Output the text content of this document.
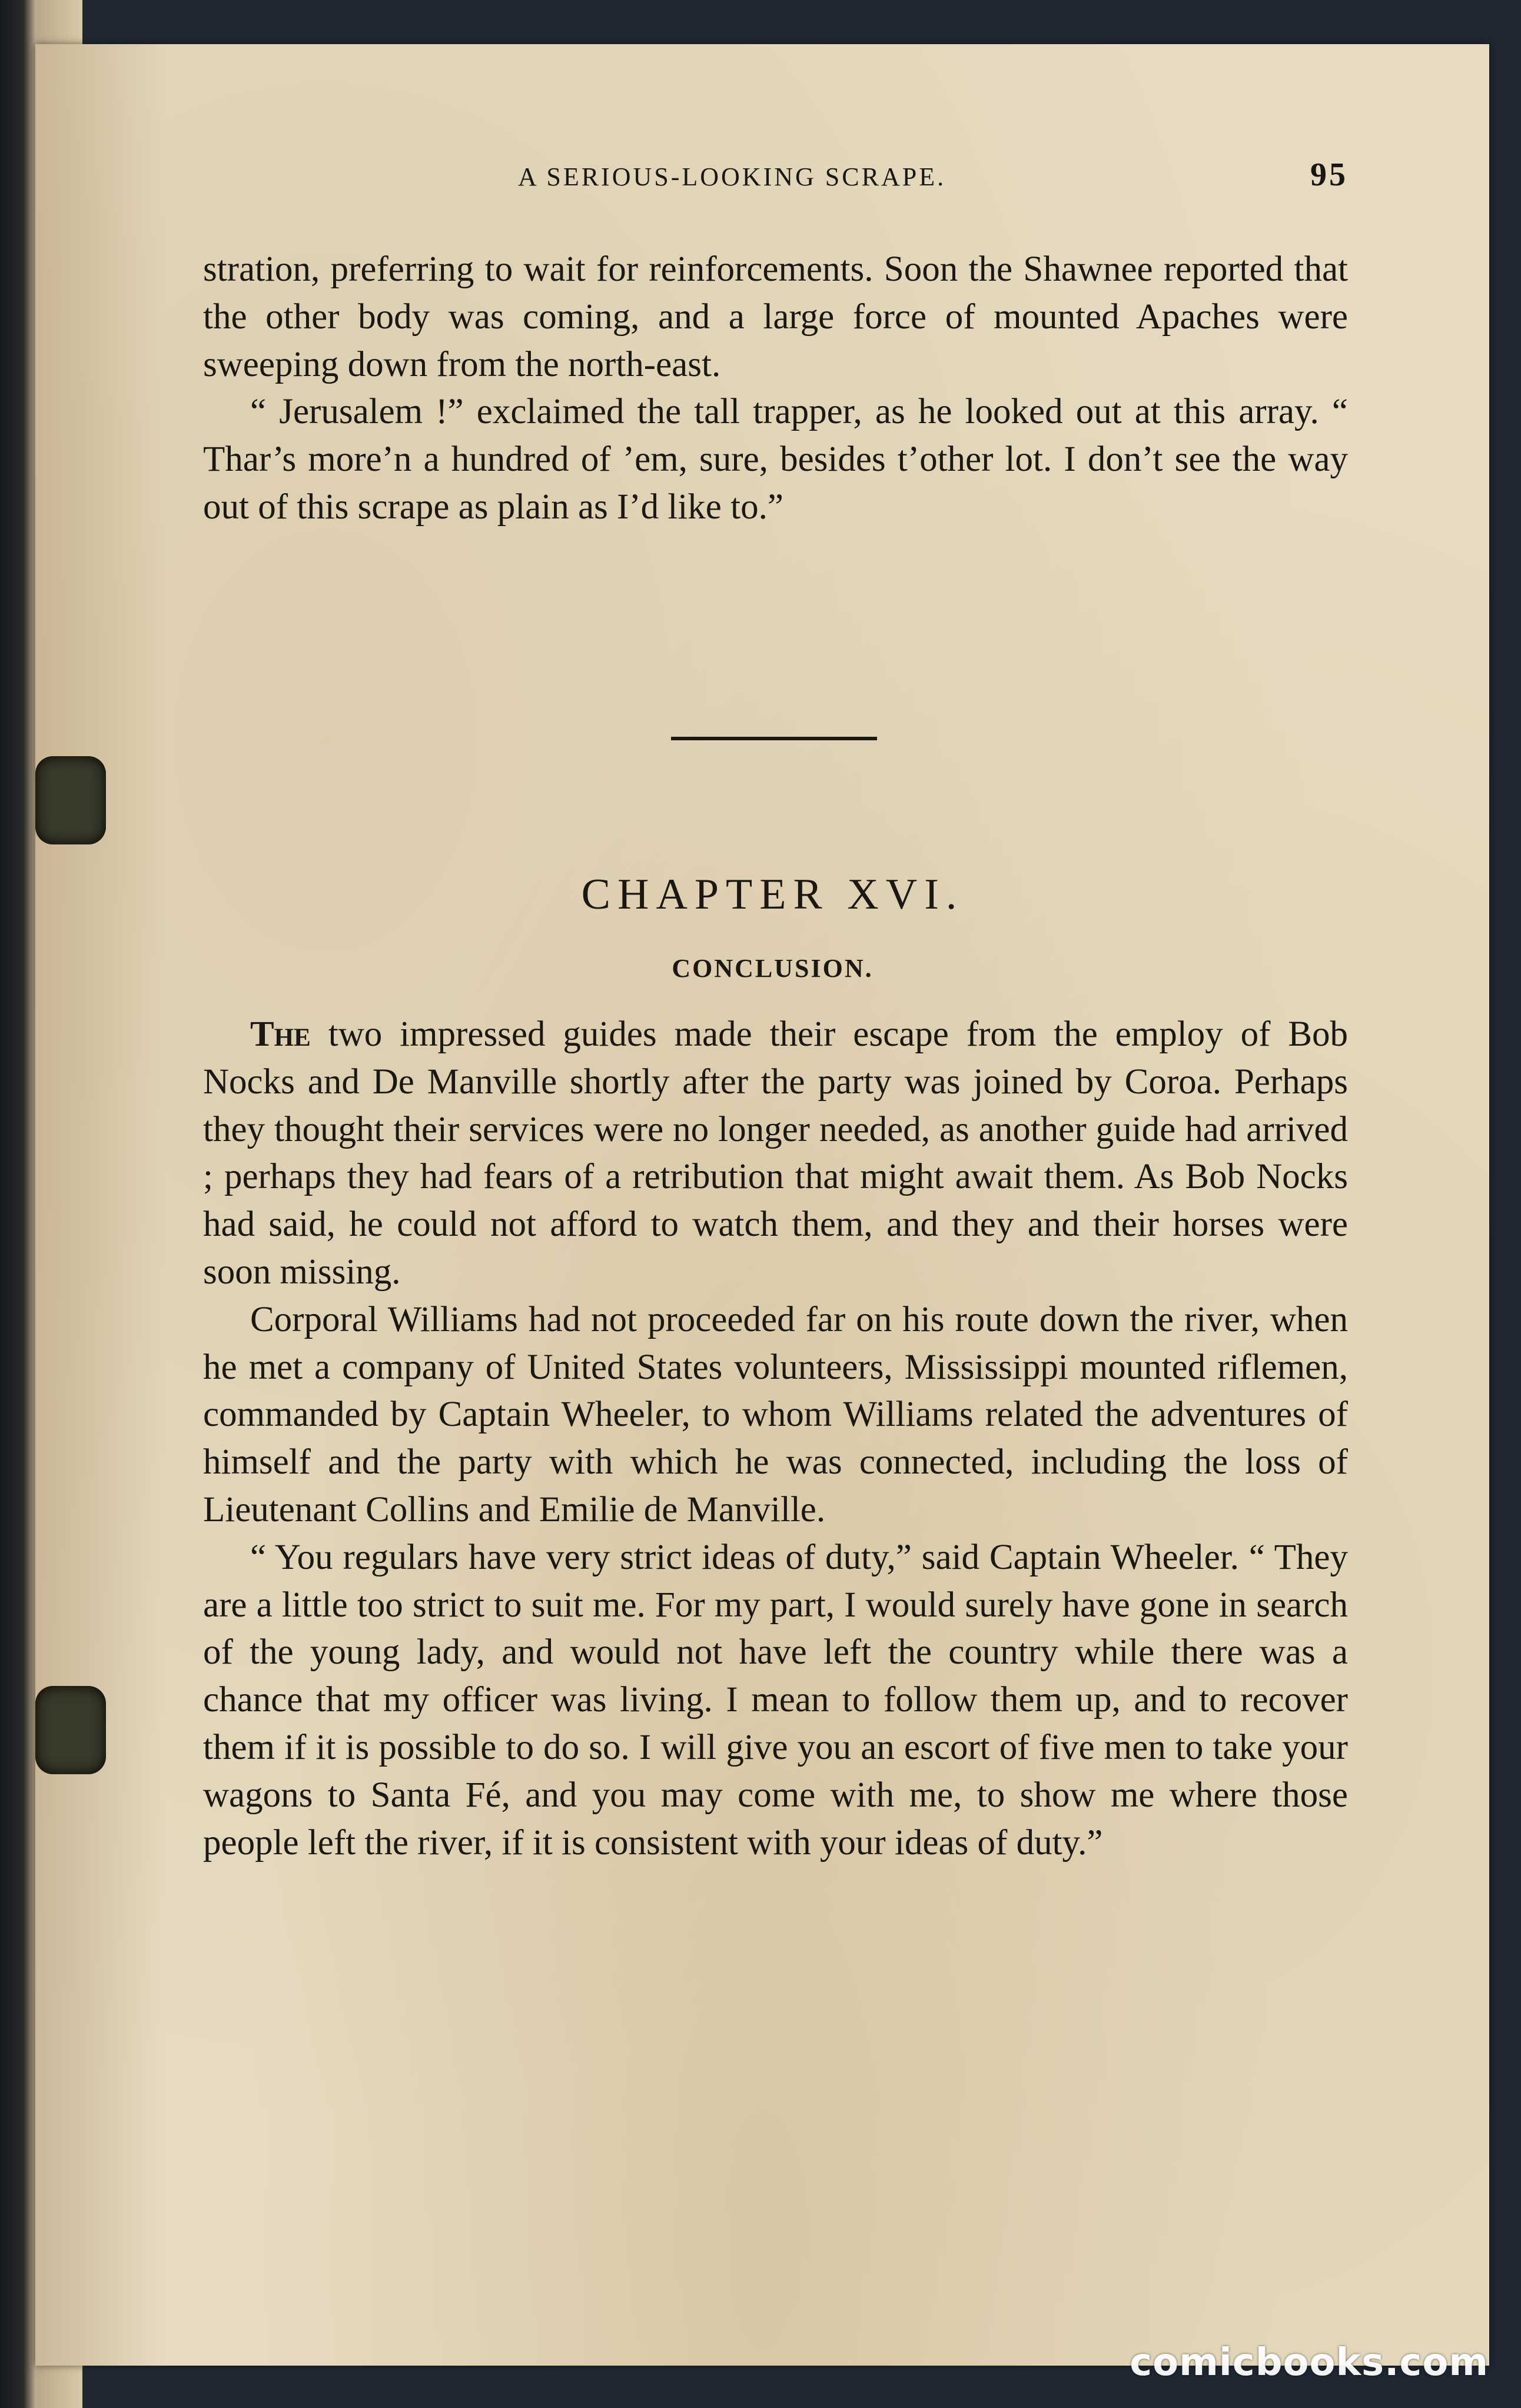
A SERIOUS-LOOKING SCRAPE.	95

stration, preferring to wait for reinforcements. Soon the Shawnee reported that the other body was coming, and a large force of mounted Apaches were sweeping down from the north-east.

“ Jerusalem !” exclaimed the tall trapper, as he looked out at this array. “ Thar’s more’n a hundred of ’em, sure, besides t’other lot. I don’t see the way out of this scrape as plain as I’d like to.”

CHAPTER XVI.
CONCLUSION.

The two impressed guides made their escape from the employ of Bob Nocks and De Manville shortly after the party was joined by Coroa. Perhaps they thought their services were no longer needed, as another guide had arrived ; perhaps they had fears of a retribution that might await them. As Bob Nocks had said, he could not afford to watch them, and they and their horses were soon missing.

Corporal Williams had not proceeded far on his route down the river, when he met a company of United States volunteers, Mississippi mounted riflemen, commanded by Captain Wheeler, to whom Williams related the adventures of himself and the party with which he was connected, including the loss of Lieutenant Collins and Emilie de Manville.

“ You regulars have very strict ideas of duty,” said Captain Wheeler. “ They are a little too strict to suit me. For my part, I would surely have gone in search of the young lady, and would not have left the country while there was a chance that my officer was living. I mean to follow them up, and to recover them if it is possible to do so. I will give you an escort of five men to take your wagons to Santa Fé, and you may come with me, to show me where those people left the river, if it is consistent with your ideas of duty.”

comicbooks.com
